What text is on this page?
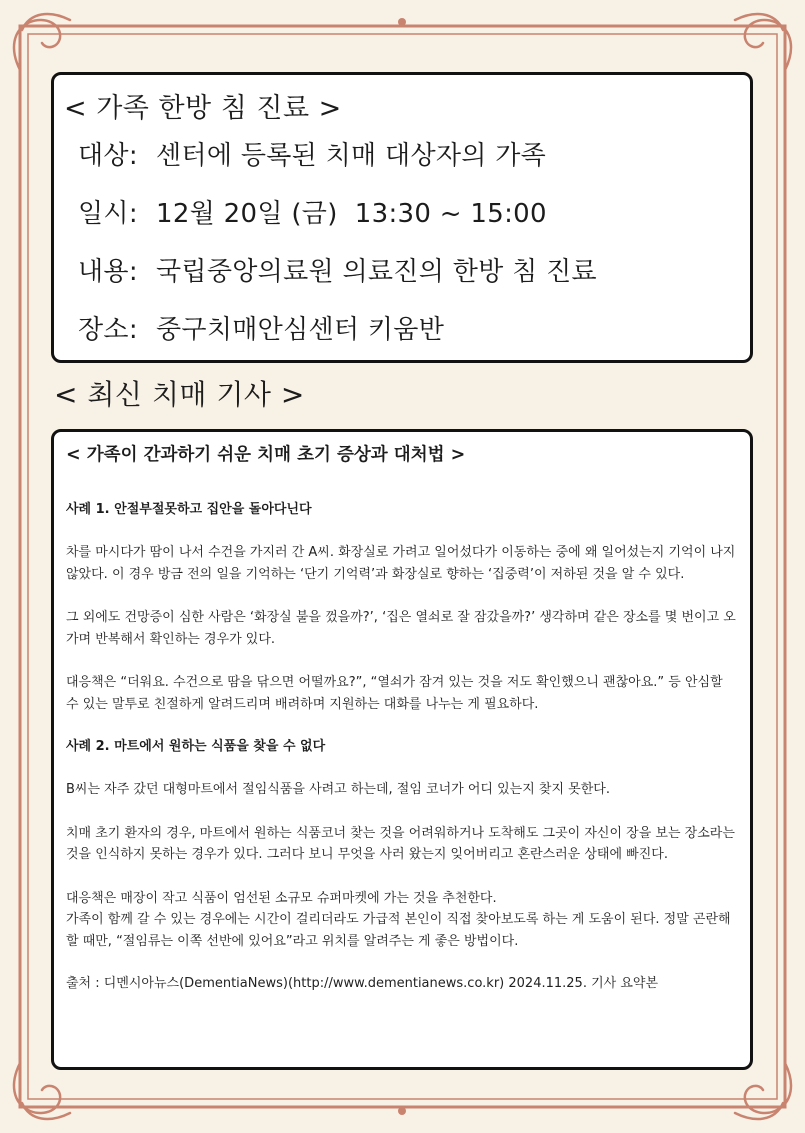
< 가족 한방 침 진료 >
대상: 센터에 등록된 치매 대상자의 가족
일시: 12월 20일 (금)  13:30 ~ 15:00
내용: 국립중앙의료원 의료진의 한방 침 진료
장소: 중구치매안심센터 키움반
< 최신 치매 기사 >
< 가족이 간과하기 쉬운 치매 초기 증상과 대처법 >
사례 1. 안절부절못하고 집안을 돌아다닌다
차를 마시다가 땀이 나서 수건을 가지러 간 A씨. 화장실로 가려고 일어섰다가 이동하는 중에 왜 일어섰는지 기억이 나지 않았다. 이 경우 방금 전의 일을 기억하는 ‘단기 기억력’과 화장실로 향하는 ‘집중력’이 저하된 것을 알 수 있다.
그 외에도 건망증이 심한 사람은 ‘화장실 불을 껐을까?’, ‘집은 열쇠로 잘 잠갔을까?’ 생각하며 같은 장소를 몇 번이고 오가며 반복해서 확인하는 경우가 있다.
대응책은 “더워요. 수건으로 땀을 닦으면 어떨까요?”, “열쇠가 잠겨 있는 것을 저도 확인했으니 괜찮아요.” 등 안심할 수 있는 말투로 친절하게 알려드리며 배려하며 지원하는 대화를 나누는 게 필요하다.
사례 2. 마트에서 원하는 식품을 찾을 수 없다
B씨는 자주 갔던 대형마트에서 절임식품을 사려고 하는데, 절임 코너가 어디 있는지 찾지 못한다.
치매 초기 환자의 경우, 마트에서 원하는 식품코너 찾는 것을 어려워하거나 도착해도 그곳이 자신이 장을 보는 장소라는 것을 인식하지 못하는 경우가 있다. 그러다 보니 무엇을 사러 왔는지 잊어버리고 혼란스러운 상태에 빠진다.
대응책은 매장이 작고 식품이 엄선된 소규모 슈퍼마켓에 가는 것을 추천한다.
가족이 함께 갈 수 있는 경우에는 시간이 걸리더라도 가급적 본인이 직접 찾아보도록 하는 게 도움이 된다. 정말 곤란해할 때만, “절임류는 이쪽 선반에 있어요”라고 위치를 알려주는 게 좋은 방법이다.
출처 : 디멘시아뉴스(DementiaNews)(http://www.dementianews.co.kr) 2024.11.25. 기사 요약본
